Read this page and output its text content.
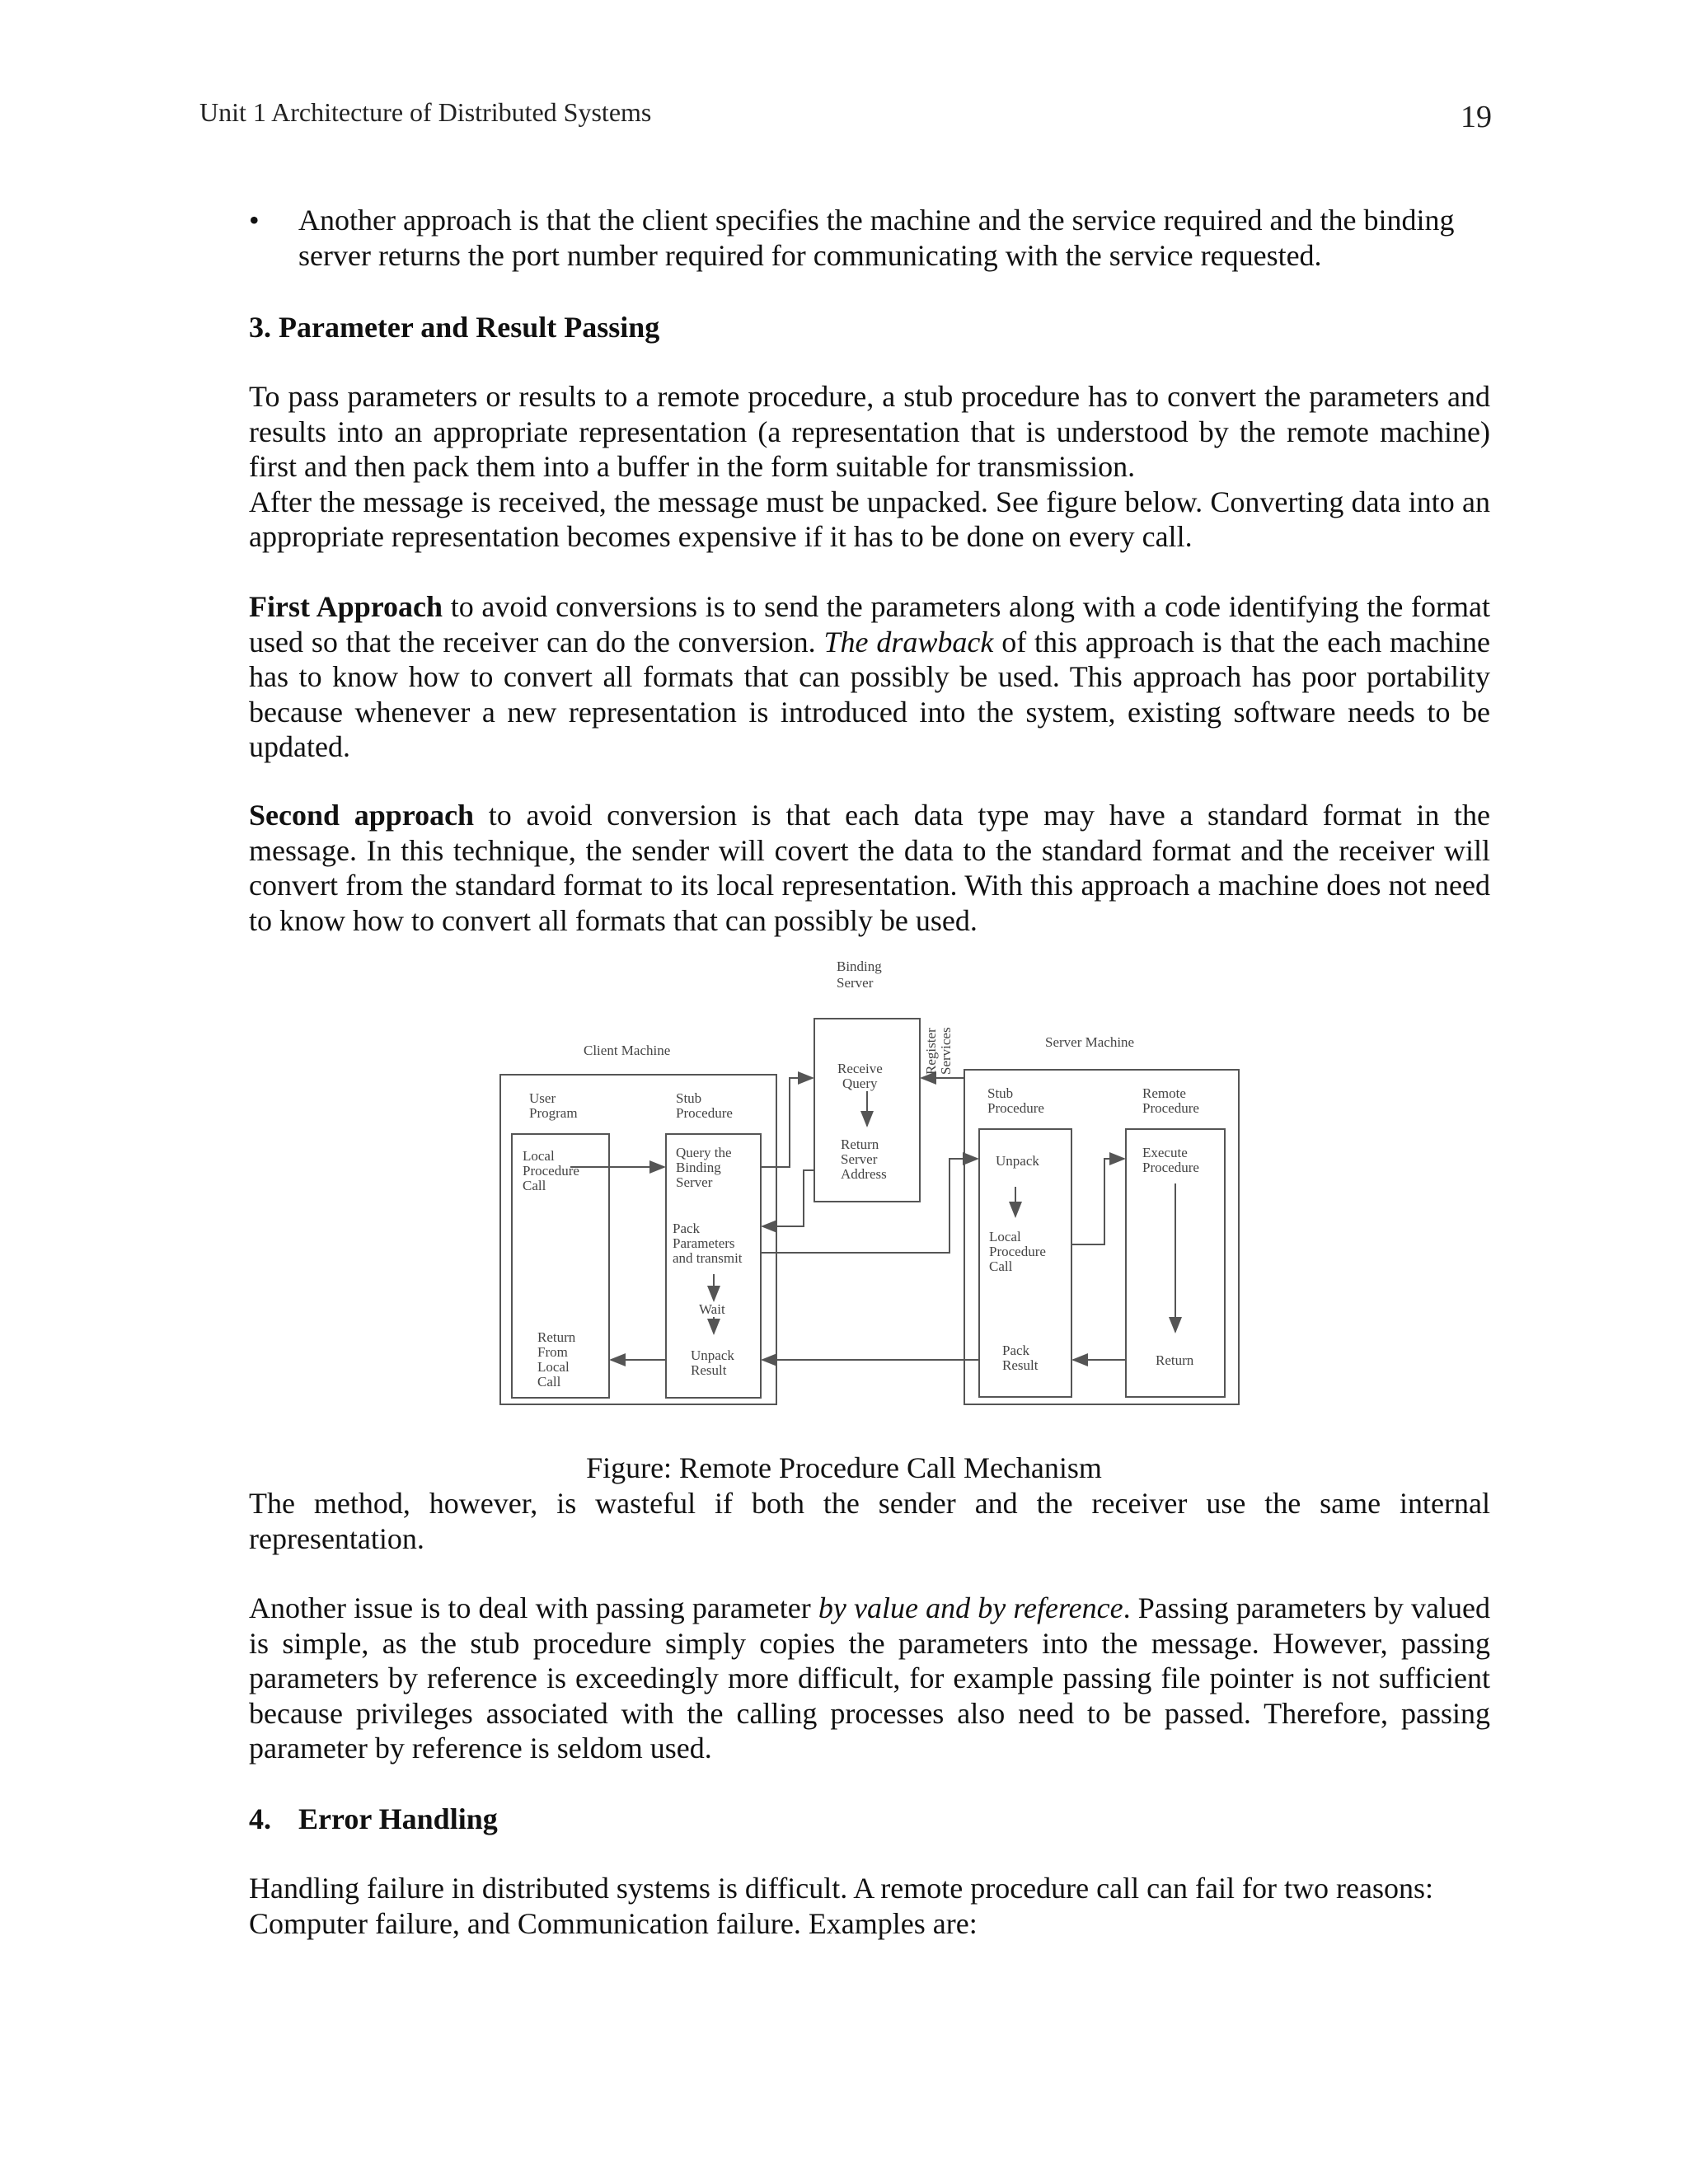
Unit 1 Architecture of Distributed Systems	19
• Another approach is that the client specifies the machine and the service required and the binding server returns the port number required for communicating with the service requested.
3. Parameter and Result Passing

To pass parameters or results to a remote procedure, a stub procedure has to convert the parameters and results into an appropriate representation (a representation that is understood by the remote machine) first and then pack them into a buffer in the form suitable for transmission.

After the message is received, the message must be unpacked. See figure below. Converting data into an appropriate representation becomes expensive if it has to be done on every call.

First Approach to avoid conversions is to send the parameters along with a code identifying the format used so that the receiver can do the conversion. The drawback of this approach is that the each machine has to know how to convert all formats that can possibly be used. This approach has poor portability because whenever a new representation is introduced into the system, existing software needs to be updated.

Second approach to avoid conversion is that each data type may have a standard format in the message. In this technique, the sender will covert the data to the standard format and the receiver will convert from the standard format to its local representation. With this approach a machine does not need to know how to convert all formats that can possibly be used.

Binding Server
Client Machine
Server Machine
RegisterServices
User Program
Stub Procedure
Stub Procedure
Remote Procedure
Local Procedure Call
Query the Binding Server
Pack Parameters and transmit
Wait
Unpack Result
Return From Local Call
Receive Query
Return Server Address
Unpack
Local Procedure Call
Pack Result
Execute Procedure
Return
Figure: Remote Procedure Call Mechanism

The method, however, is wasteful if both the sender and the receiver use the same internal representation.

Another issue is to deal with passing parameter by value and by reference. Passing parameters by valued is simple, as the stub procedure simply copies the parameters into the message. However, passing parameters by reference is exceedingly more difficult, for example passing file pointer is not sufficient because privileges associated with the calling processes also need to be passed. Therefore, passing parameter by reference is seldom used.

4. Error Handling

Handling failure in distributed systems is difficult. A remote procedure call can fail for two reasons: Computer failure, and Communication failure. Examples are:
